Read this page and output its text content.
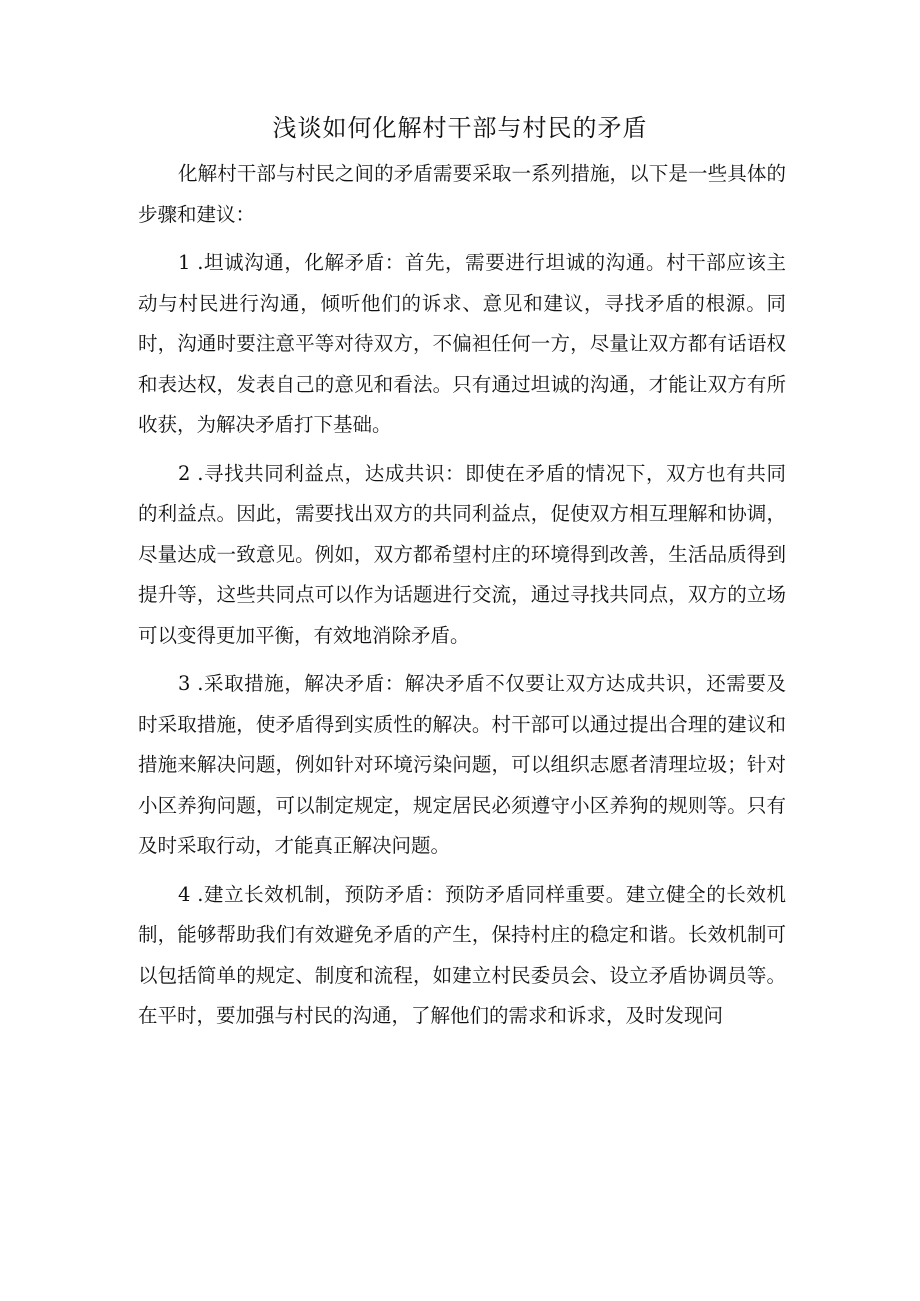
浅谈如何化解村干部与村民的矛盾

化解村干部与村民之间的矛盾需要采取一系列措施，以下是一些具体的步骤和建议：

1 .坦诚沟通，化解矛盾：首先，需要进行坦诚的沟通。村干部应该主动与村民进行沟通，倾听他们的诉求、意见和建议，寻找矛盾的根源。同时，沟通时要注意平等对待双方，不偏袒任何一方，尽量让双方都有话语权和表达权，发表自己的意见和看法。只有通过坦诚的沟通，才能让双方有所收获，为解决矛盾打下基础。

2 .寻找共同利益点，达成共识：即使在矛盾的情况下，双方也有共同的利益点。因此，需要找出双方的共同利益点，促使双方相互理解和协调，尽量达成一致意见。例如，双方都希望村庄的环境得到改善，生活品质得到提升等，这些共同点可以作为话题进行交流，通过寻找共同点，双方的立场可以变得更加平衡，有效地消除矛盾。

3 .采取措施，解决矛盾：解决矛盾不仅要让双方达成共识，还需要及时采取措施，使矛盾得到实质性的解决。村干部可以通过提出合理的建议和措施来解决问题，例如针对环境污染问题，可以组织志愿者清理垃圾；针对小区养狗问题，可以制定规定，规定居民必须遵守小区养狗的规则等。只有及时采取行动，才能真正解决问题。

4 .建立长效机制，预防矛盾：预防矛盾同样重要。建立健全的长效机制，能够帮助我们有效避免矛盾的产生，保持村庄的稳定和谐。长效机制可以包括简单的规定、制度和流程，如建立村民委员会、设立矛盾协调员等。在平时，要加强与村民的沟通，了解他们的需求和诉求，及时发现问
